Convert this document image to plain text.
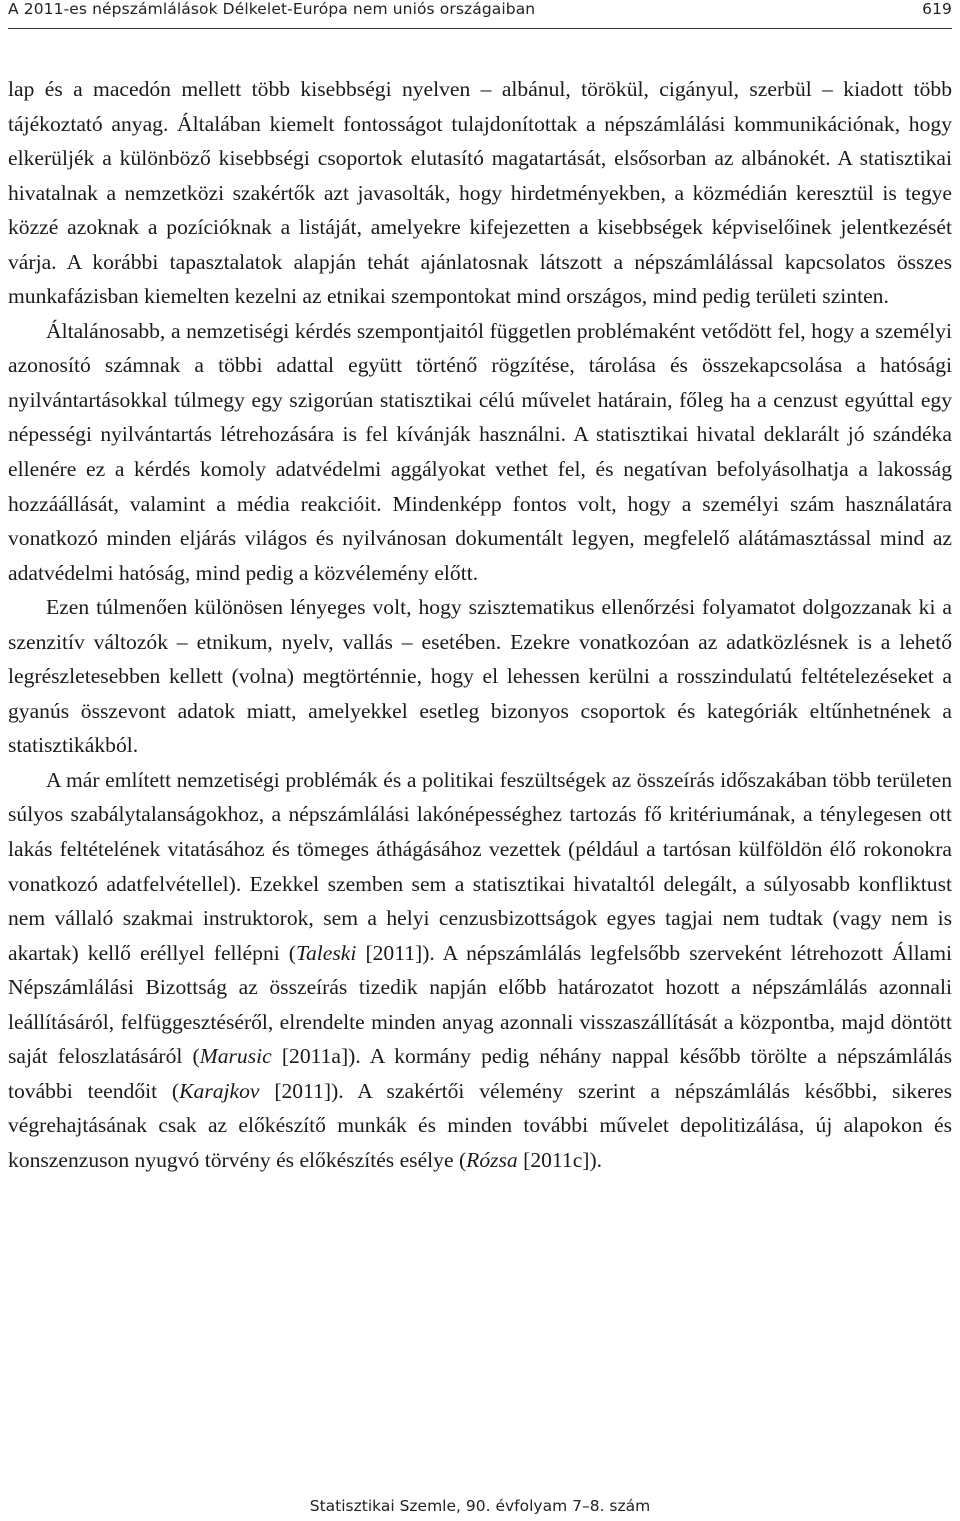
A 2011-es népszámlálások Délkelet-Európa nem uniós országaiban	619

lap és a macedón mellett több kisebbségi nyelven – albánul, törökül, cigányul, szerbül – kiadott több tájékoztató anyag. Általában kiemelt fontosságot tulajdonítottak a népszámlálási kommunikációnak, hogy elkerüljék a különböző kisebbségi csoportok elutasító magatartását, elsősorban az albánokét. A statisztikai hivatalnak a nemzetközi szakértők azt javasolták, hogy hirdetményekben, a közmédián keresztül is tegye közzé azoknak a pozícióknak a listáját, amelyekre kifejezetten a kisebbségek képviselőinek jelentkezését várja. A korábbi tapasztalatok alapján tehát ajánlatosnak látszott a népszámlálással kapcsolatos összes munkafázisban kiemelten kezelni az etnikai szempontokat mind országos, mind pedig területi szinten.

Általánosabb, a nemzetiségi kérdés szempontjaitól független problémaként vetődött fel, hogy a személyi azonosító számnak a többi adattal együtt történő rögzítése, tárolása és összekapcsolása a hatósági nyilvántartásokkal túlmegy egy szigorúan statisztikai célú művelet határain, főleg ha a cenzust egyúttal egy népességi nyilvántartás létrehozására is fel kívánják használni. A statisztikai hivatal deklarált jó szándéka ellenére ez a kérdés komoly adatvédelmi aggályokat vethet fel, és negatívan befolyásolhatja a lakosság hozzáállását, valamint a média reakcióit. Mindenképp fontos volt, hogy a személyi szám használatára vonatkozó minden eljárás világos és nyilvánosan dokumentált legyen, megfelelő alátámasztással mind az adatvédelmi hatóság, mind pedig a közvélemény előtt.

Ezen túlmenően különösen lényeges volt, hogy szisztematikus ellenőrzési folyamatot dolgozzanak ki a szenzitív változók – etnikum, nyelv, vallás – esetében. Ezekre vonatkozóan az adatközlésnek is a lehető legrészletesebben kellett (volna) megtörténnie, hogy el lehessen kerülni a rosszindulatú feltételezéseket a gyanús összevont adatok miatt, amelyekkel esetleg bizonyos csoportok és kategóriák eltűnhetnének a statisztikákból.

A már említett nemzetiségi problémák és a politikai feszültségek az összeírás időszakában több területen súlyos szabálytalanságokhoz, a népszámlálási lakónépességhez tartozás fő kritériumának, a ténylegesen ott lakás feltételének vitatásához és tömeges áthágásához vezettek (például a tartósan külföldön élő rokonokra vonatkozó adatfelvétellel). Ezekkel szemben sem a statisztikai hivataltól delegált, a súlyosabb konfliktust nem vállaló szakmai instruktorok, sem a helyi cenzusbizottságok egyes tagjai nem tudtak (vagy nem is akartak) kellő eréllyel fellépni (Taleski [2011]). A népszámlálás legfelsőbb szerveként létrehozott Állami Népszámlálási Bizottság az összeírás tizedik napján előbb határozatot hozott a népszámlálás azonnali leállításáról, felfüggesztéséről, elrendelte minden anyag azonnali visszaszállítását a központba, majd döntött saját feloszlatásáról (Marusic [2011a]). A kormány pedig néhány nappal később törölte a népszámlálás további teendőit (Karajkov [2011]). A szakértői vélemény szerint a népszámlálás későbbi, sikeres végrehajtásának csak az előkészítő munkák és minden további művelet depolitizálása, új alapokon és konszenzuson nyugvó törvény és előkészítés esélye (Rózsa [2011c]).

Statisztikai Szemle, 90. évfolyam 7–8. szám
